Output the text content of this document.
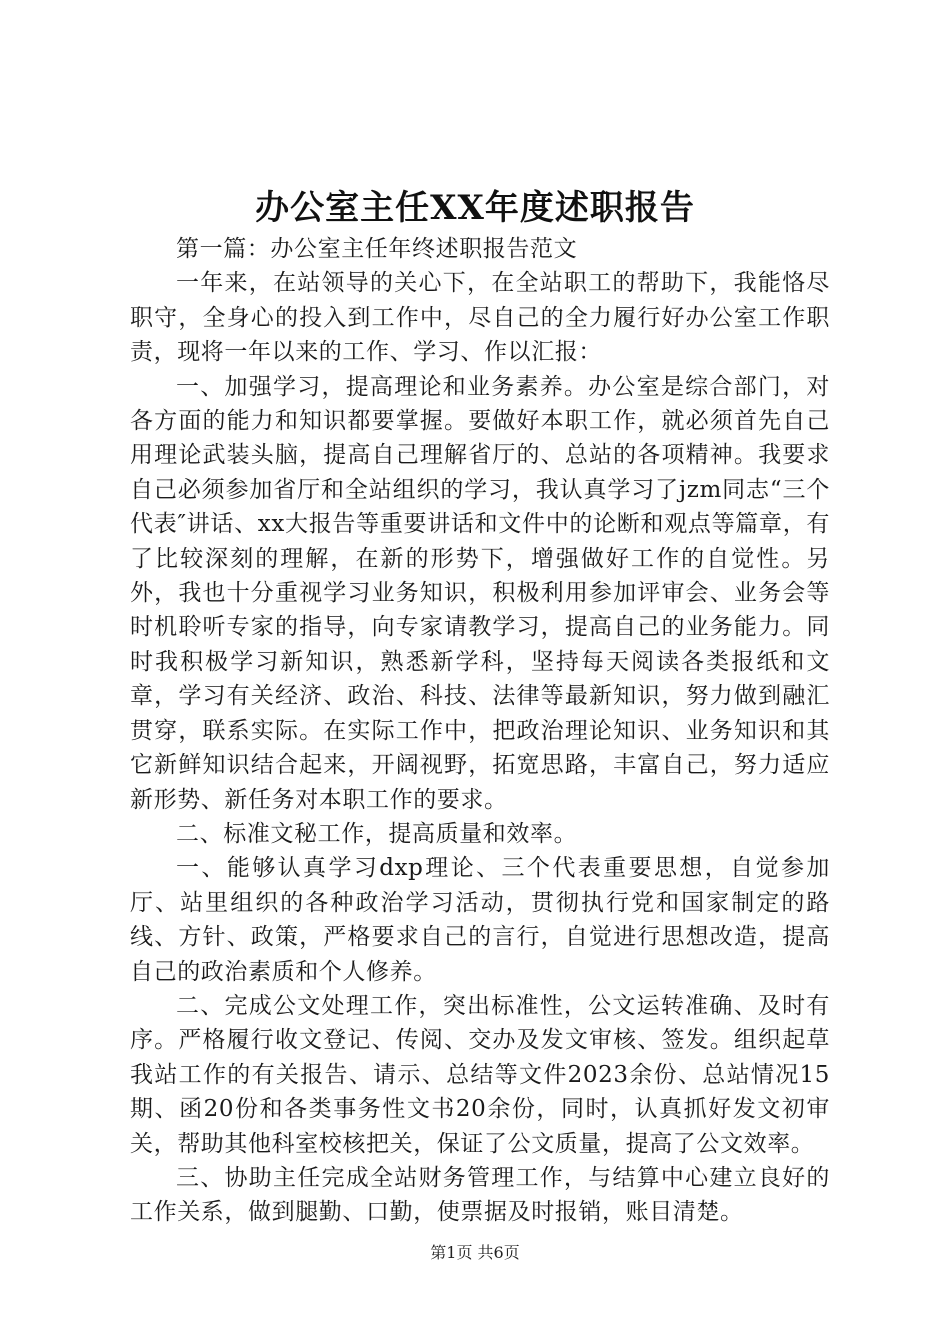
办公室主任XX年度述职报告

第一篇：办公室主任年终述职报告范文

一年来，在站领导的关心下，在全站职工的帮助下，我能恪尽职守，全身心的投入到工作中，尽自己的全力履行好办公室工作职责，现将一年以来的工作、学习、作以汇报：

一、加强学习，提高理论和业务素养。办公室是综合部门，对各方面的能力和知识都要掌握。要做好本职工作，就必须首先自己用理论武装头脑，提高自己理解省厅的、总站的各项精神。我要求自己必须参加省厅和全站组织的学习，我认真学习了jzm同志“三个代表″讲话、xx大报告等重要讲话和文件中的论断和观点等篇章，有了比较深刻的理解，在新的形势下，增强做好工作的自觉性。另外，我也十分重视学习业务知识，积极利用参加评审会、业务会等时机聆听专家的指导，向专家请教学习，提高自己的业务能力。同时我积极学习新知识，熟悉新学科，坚持每天阅读各类报纸和文章，学习有关经济、政治、科技、法律等最新知识，努力做到融汇贯穿，联系实际。在实际工作中，把政治理论知识、业务知识和其它新鲜知识结合起来，开阔视野，拓宽思路，丰富自己，努力适应新形势、新任务对本职工作的要求。

二、标准文秘工作，提高质量和效率。

一、能够认真学习dxp理论、三个代表重要思想，自觉参加厅、站里组织的各种政治学习活动，贯彻执行党和国家制定的路线、方针、政策，严格要求自己的言行，自觉进行思想改造，提高自己的政治素质和个人修养。

二、完成公文处理工作，突出标准性，公文运转准确、及时有序。严格履行收文登记、传阅、交办及发文审核、签发。组织起草我站工作的有关报告、请示、总结等文件2023余份、总站情况15期、函20份和各类事务性文书20余份，同时，认真抓好发文初审关，帮助其他科室校核把关，保证了公文质量，提高了公文效率。

三、协助主任完成全站财务管理工作，与结算中心建立良好的工作关系，做到腿勤、口勤，使票据及时报销，账目清楚。

第1页 共6页
